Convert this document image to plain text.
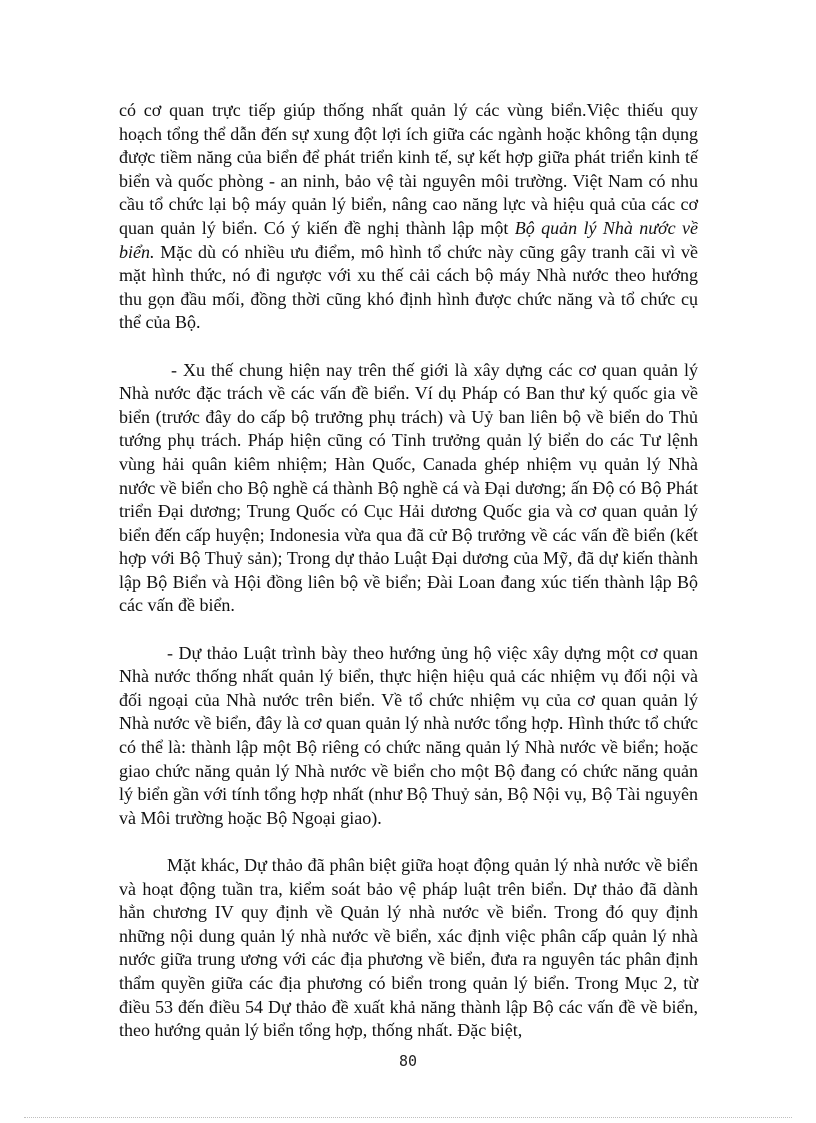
có cơ quan trực tiếp giúp thống nhất quản lý các vùng biển.Việc thiếu quy hoạch tổng thể dẫn đến sự xung đột lợi ích giữa các ngành hoặc không tận dụng được tiềm năng của biển để phát triển kinh tế, sự kết hợp giữa phát triển kinh tế biển và quốc phòng - an ninh, bảo vệ tài nguyên môi trường. Việt Nam có nhu cầu tổ chức lại bộ máy quản lý biển, nâng cao năng lực và hiệu quả của các cơ quan quản lý biển. Có ý kiến đề nghị thành lập một Bộ quản lý Nhà nước về biển. Mặc dù có nhiều ưu điểm, mô hình tổ chức này cũng gây tranh cãi vì về mặt hình thức, nó đi ngược với xu thế cải cách bộ máy Nhà nước theo hướng thu gọn đầu mối, đồng thời cũng khó định hình được chức năng và tổ chức cụ thể của Bộ.

- Xu thế chung hiện nay trên thế giới là xây dựng các cơ quan quản lý Nhà nước đặc trách về các vấn đề biển. Ví dụ Pháp có Ban thư ký quốc gia về biển (trước đây do cấp bộ trưởng phụ trách) và Uỷ ban liên bộ về biển do Thủ tướng phụ trách. Pháp hiện cũng có Tỉnh trưởng quản lý biển do các Tư lệnh vùng hải quân kiêm nhiệm; Hàn Quốc, Canada ghép nhiệm vụ quản lý Nhà nước về biển cho Bộ nghề cá thành Bộ nghề cá và Đại dương; ấn Độ có Bộ Phát triển Đại dương; Trung Quốc có Cục Hải dương Quốc gia và cơ quan quản lý biển đến cấp huyện; Indonesia vừa qua đã cử Bộ trưởng về các vấn đề biển (kết hợp với Bộ Thuỷ sản); Trong dự thảo Luật Đại dương của Mỹ, đã dự kiến thành lập Bộ Biển và Hội đồng liên bộ về biển; Đài Loan đang xúc tiến thành lập Bộ các vấn đề biển.

- Dự thảo Luật trình bày theo hướng ủng hộ việc xây dựng một cơ quan Nhà nước thống nhất quản lý biển, thực hiện hiệu quả các nhiệm vụ đối nội và đối ngoại của Nhà nước trên biển. Về tổ chức nhiệm vụ của cơ quan quản lý Nhà nước về biển, đây là cơ quan quản lý nhà nước tổng hợp. Hình thức tổ chức có thể là: thành lập một Bộ riêng có chức năng quản lý Nhà nước về biển; hoặc giao chức năng quản lý Nhà nước về biển cho một Bộ đang có chức năng quản lý biển gần với tính tổng hợp nhất (như Bộ Thuỷ sản, Bộ Nội vụ, Bộ Tài nguyên và Môi trường hoặc Bộ Ngoại giao).

Mặt khác, Dự thảo đã phân biệt giữa hoạt động quản lý nhà nước về biển và hoạt động tuần tra, kiểm soát bảo vệ pháp luật trên biển. Dự thảo đã dành hẳn chương IV quy định về Quản lý nhà nước về biển. Trong đó quy định những nội dung quản lý nhà nước về biển, xác định việc phân cấp quản lý nhà nước giữa trung ương với các địa phương về biển, đưa ra nguyên tác phân định thẩm quyền giữa các địa phương có biển trong quản lý biển. Trong Mục 2, từ điều 53 đến điều 54 Dự thảo đề xuất khả năng thành lập Bộ các vấn đề về biển, theo hướng quản lý biển tổng hợp, thống nhất. Đặc biệt,

80
